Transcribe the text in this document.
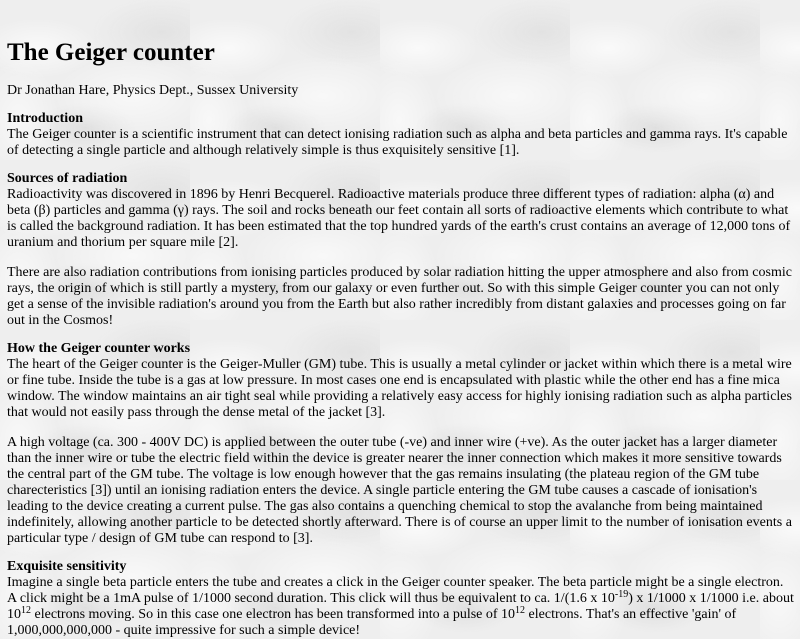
The Geiger counter

Dr Jonathan Hare, Physics Dept., Sussex University

Introduction

The Geiger counter is a scientific instrument that can detect ionising radiation such as alpha and beta particles and gamma rays. It's capable of detecting a single particle and although relatively simple is thus exquisitely sensitive [1].

Sources of radiation

Radioactivity was discovered in 1896 by Henri Becquerel. Radioactive materials produce three different types of radiation: alpha (α) and beta (β) particles and gamma (γ) rays. The soil and rocks beneath our feet contain all sorts of radioactive elements which contribute to what is called the background radiation. It has been estimated that the top hundred yards of the earth's crust contains an average of 12,000 tons of uranium and thorium per square mile [2].

There are also radiation contributions from ionising particles produced by solar radiation hitting the upper atmosphere and also from cosmic rays, the origin of which is still partly a mystery, from our galaxy or even further out. So with this simple Geiger counter you can not only get a sense of the invisible radiation's around you from the Earth but also rather incredibly from distant galaxies and processes going on far out in the Cosmos!

How the Geiger counter works

The heart of the Geiger counter is the Geiger-Muller (GM) tube. This is usually a metal cylinder or jacket within which there is a metal wire or fine tube. Inside the tube is a gas at low pressure. In most cases one end is encapsulated with plastic while the other end has a fine mica window. The window maintains an air tight seal while providing a relatively easy access for highly ionising radiation such as alpha particles that would not easily pass through the dense metal of the jacket [3].

A high voltage (ca. 300 - 400V DC) is applied between the outer tube (-ve) and inner wire (+ve). As the outer jacket has a larger diameter than the inner wire or tube the electric field within the device is greater nearer the inner connection which makes it more sensitive towards the central part of the GM tube. The voltage is low enough however that the gas remains insulating (the plateau region of the GM tube charecteristics [3]) until an ionising radiation enters the device. A single particle entering the GM tube causes a cascade of ionisation's leading to the device creating a current pulse. The gas also contains a quenching chemical to stop the avalanche from being maintained indefinitely, allowing another particle to be detected shortly afterward. There is of course an upper limit to the number of ionisation events a particular type / design of GM tube can respond to [3].

Exquisite sensitivity

Imagine a single beta particle enters the tube and creates a click in the Geiger counter speaker. The beta particle might be a single electron. A click might be a 1mA pulse of 1/1000 second duration. This click will thus be equivalent to ca. 1/(1.6 x $10^{-19}$) x 1/1000 x 1/1000 i.e. about $10^{12}$ electrons moving. So in this case one electron has been transformed into a pulse of $10^{12}$ electrons. That's an effective 'gain' of 1,000,000,000,000 - quite impressive for such a simple device!
